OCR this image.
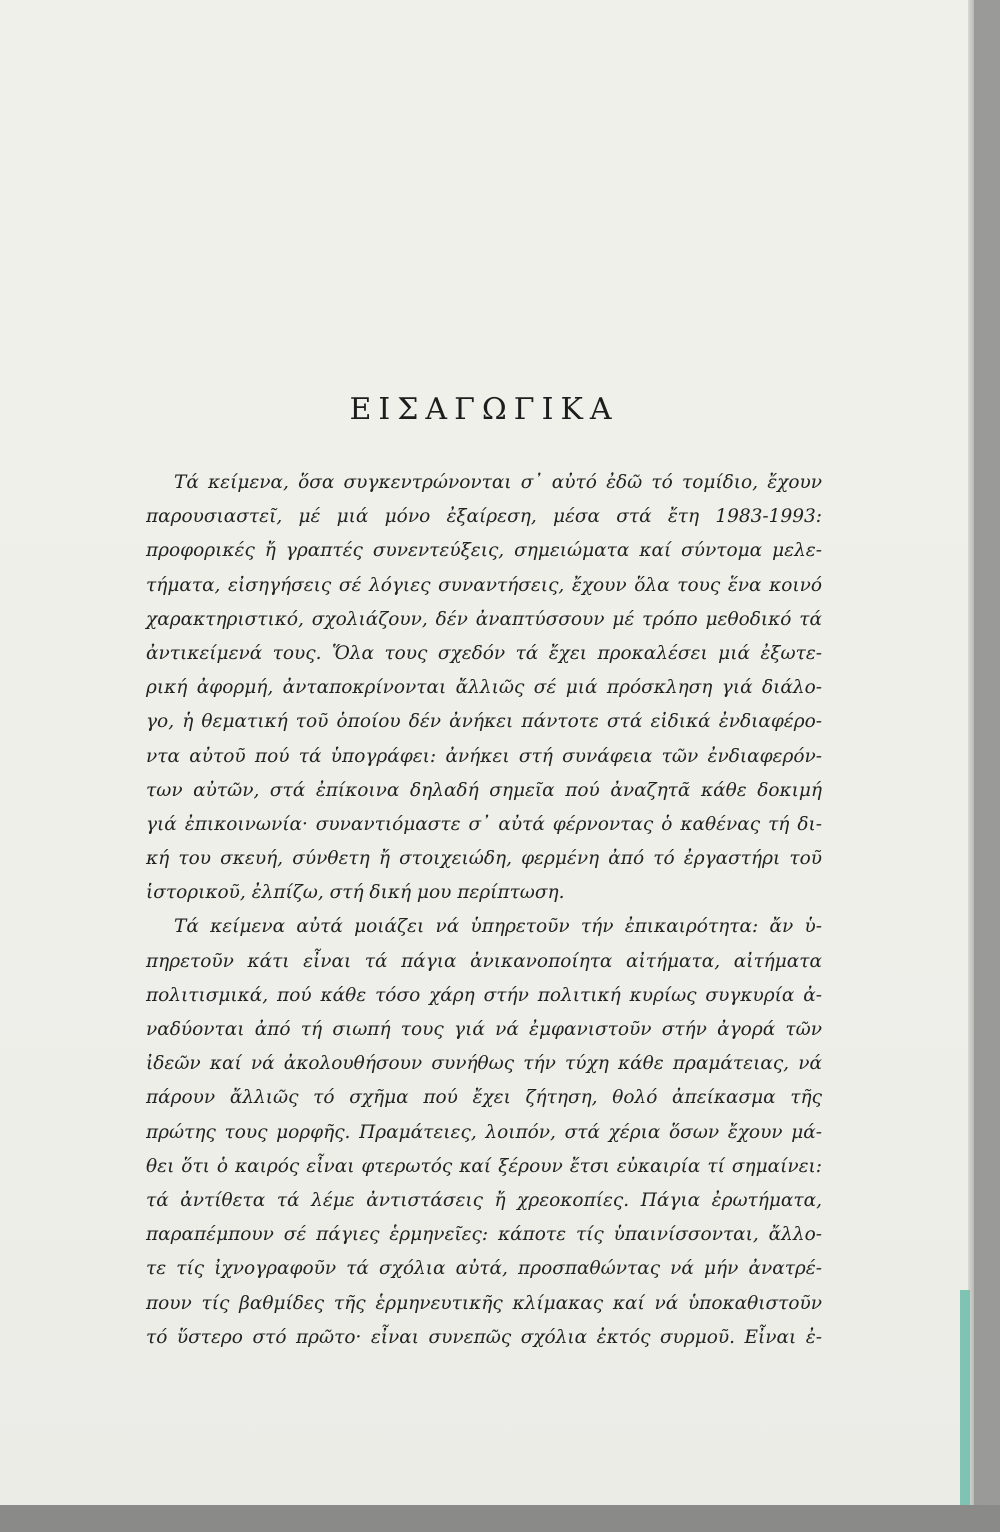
ΕΙΣΑΓΩΓΙΚΑ
Τά κείμενα, ὅσα συγκεντρώνονται σ᾿ αὐτό ἐδῶ τό τομίδιο, ἔχουν
παρουσιαστεῖ, μέ μιά μόνο ἐξαίρεση, μέσα στά ἔτη 1983-1993:
προφορικές ἤ γραπτές συνεντεύξεις, σημειώματα καί σύντομα μελε-
τήματα, εἰσηγήσεις σέ λόγιες συναντήσεις, ἔχουν ὅλα τους ἕνα κοινό
χαρακτηριστικό, σχολιάζουν, δέν ἀναπτύσσουν μέ τρόπο μεθοδικό τά
ἀντικείμενά τους. Ὅλα τους σχεδόν τά ἔχει προκαλέσει μιά ἐξωτε-
ρική ἀφορμή, ἀνταποκρίνονται ἄλλιῶς σέ μιά πρόσκληση γιά διάλο-
γο, ἡ θεματική τοῦ ὁποίου δέν ἀνήκει πάντοτε στά εἰδικά ἐνδιαφέρο-
ντα αὐτοῦ πού τά ὑπογράφει: ἀνήκει στή συνάφεια τῶν ἐνδιαφερόν-
των αὐτῶν, στά ἐπίκοινα δηλαδή σημεῖα πού ἀναζητᾶ κάθε δοκιμή
γιά ἐπικοινωνία· συναντιόμαστε σ᾿ αὐτά φέρνοντας ὁ καθένας τή δι-
κή του σκευή, σύνθετη ἤ στοιχειώδη, φερμένη ἀπό τό ἐργαστήρι τοῦ
ἱστορικοῦ, ἐλπίζω, στή δική μου περίπτωση.
Τά κείμενα αὐτά μοιάζει νά ὑπηρετοῦν τήν ἐπικαιρότητα: ἄν ὑ-
πηρετοῦν κάτι εἶναι τά πάγια ἀνικανοποίητα αἰτήματα, αἰτήματα
πολιτισμικά, πού κάθε τόσο χάρη στήν πολιτική κυρίως συγκυρία ἀ-
ναδύονται ἀπό τή σιωπή τους γιά νά ἐμφανιστοῦν στήν ἀγορά τῶν
ἰδεῶν καί νά ἀκολουθήσουν συνήθως τήν τύχη κάθε πραμάτειας, νά
πάρουν ἄλλιῶς τό σχῆμα πού ἔχει ζήτηση, θολό ἀπείκασμα τῆς
πρώτης τους μορφῆς. Πραμάτειες, λοιπόν, στά χέρια ὅσων ἔχουν μά-
θει ὅτι ὁ καιρός εἶναι φτερωτός καί ξέρουν ἔτσι εὐκαιρία τί σημαίνει:
τά ἀντίθετα τά λέμε ἀντιστάσεις ἤ χρεοκοπίες. Πάγια ἐρωτήματα,
παραπέμπουν σέ πάγιες ἑρμηνεῖες: κάποτε τίς ὑπαινίσσονται, ἄλλο-
τε τίς ἰχνογραφοῦν τά σχόλια αὐτά, προσπαθώντας νά μήν ἀνατρέ-
πουν τίς βαθμίδες τῆς ἑρμηνευτικῆς κλίμακας καί νά ὑποκαθιστοῦν
τό ὕστερο στό πρῶτο· εἶναι συνεπῶς σχόλια ἐκτός συρμοῦ. Εἶναι ἐ-
